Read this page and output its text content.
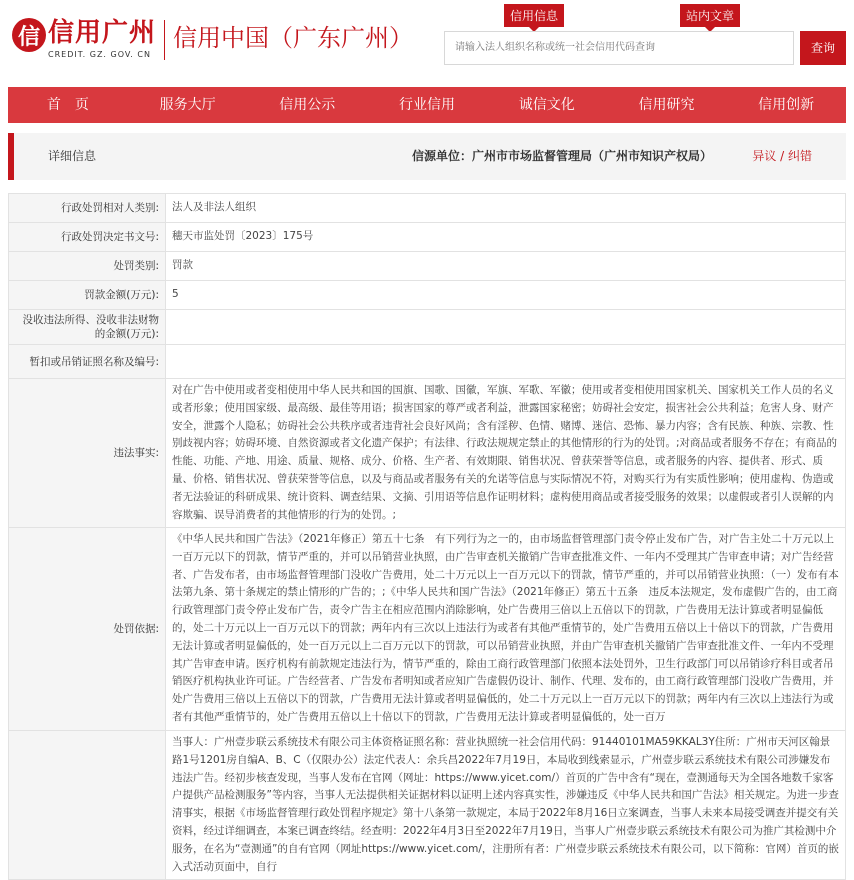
信 信用广州
CREDIT. GZ. GOV. CN
信用中国（广东广州）
信用信息	站内文章
请输入法人组织名称或统一社会信用代码查询	查询
首　页	服务大厅	信用公示	行业信用	诚信文化	信用研究	信用创新
详细信息	信源单位：广州市市场监督管理局（广州市知识产权局）	异议 / 纠错
行政处罚相对人类别:	法人及非法人组织
行政处罚决定书文号:	穗天市监处罚〔2023〕175号
处罚类别:	罚款
罚款金额(万元):	5
没收违法所得、没收非法财物的金额(万元):	
暂扣或吊销证照名称及编号:	
违法事实:	对在广告中使用或者变相使用中华人民共和国的国旗、国歌、国徽，军旗、军歌、军徽；使用或者变相使用国家机关、国家机关工作人员的名义或者形象；使用国家级、最高级、最佳等用语；损害国家的尊严或者利益，泄露国家秘密；妨碍社会安定，损害社会公共利益；危害人身、财产安全，泄露个人隐私；妨碍社会公共秩序或者违背社会良好风尚；含有淫秽、色情、赌博、迷信、恐怖、暴力内容；含有民族、种族、宗教、性别歧视内容；妨碍环境、自然资源或者文化遗产保护；有法律、行政法规规定禁止的其他情形的行为的处罚。;对商品或者服务不存在；有商品的性能、功能、产地、用途、质量、规格、成分、价格、生产者、有效期限、销售状况、曾获荣誉等信息，或者服务的内容、提供者、形式、质量、价格、销售状况、曾获荣誉等信息，以及与商品或者服务有关的允诺等信息与实际情况不符，对购买行为有实质性影响；使用虚构、伪造或者无法验证的科研成果、统计资料、调查结果、文摘、引用语等信息作证明材料；虚构使用商品或者接受服务的效果；以虚假或者引人误解的内容欺骗、误导消费者的其他情形的行为的处罚。;

处罚依据:	《中华人民共和国广告法》（2021年修正）第五十七条　有下列行为之一的，由市场监督管理部门责令停止发布广告，对广告主处二十万元以上一百万元以下的罚款，情节严重的，并可以吊销营业执照，由广告审查机关撤销广告审查批准文件、一年内不受理其广告审查申请；对广告经营者、广告发布者，由市场监督管理部门没收广告费用，处二十万元以上一百万元以下的罚款，情节严重的，并可以吊销营业执照：（一）发布有本法第九条、第十条规定的禁止情形的广告的；;《中华人民共和国广告法》（2021年修正）第五十五条　违反本法规定，发布虚假广告的，由工商行政管理部门责令停止发布广告，责令广告主在相应范围内消除影响，处广告费用三倍以上五倍以下的罚款，广告费用无法计算或者明显偏低的，处二十万元以上一百万元以下的罚款；两年内有三次以上违法行为或者有其他严重情节的，处广告费用五倍以上十倍以下的罚款，广告费用无法计算或者明显偏低的，处一百万元以上二百万元以下的罚款，可以吊销营业执照，并由广告审查机关撤销广告审查批准文件、一年内不受理其广告审查申请。医疗机构有前款规定违法行为，情节严重的，除由工商行政管理部门依照本法处罚外，卫生行政部门可以吊销诊疗科目或者吊销医疗机构执业许可证。广告经营者、广告发布者明知或者应知广告虚假仍设计、制作、代理、发布的，由工商行政管理部门没收广告费用，并处广告费用三倍以上五倍以下的罚款，广告费用无法计算或者明显偏低的，处二十万元以上一百万元以下的罚款；两年内有三次以上违法行为或者有其他严重情节的，处广告费用五倍以上十倍以下的罚款，广告费用无法计算或者明显偏低的，处一百万

	当事人：广州壹步联云系统技术有限公司主体资格证照名称：营业执照统一社会信用代码：91440101MA59KKAL3Y住所：广州市天河区翰景路1号1201房自编A、B、C（仅限办公）法定代表人：余兵昌2022年7月19日，本局收到线索显示，广州壹步联云系统技术有限公司涉嫌发布违法广告。经初步核查发现，当事人发布在官网（网址：https://www.yicet.com/）首页的广告中含有“现在，壹测通每天为全国各地数千家客户提供产品检测服务”等内容，当事人无法提供相关证据材料以证明上述内容真实性，涉嫌违反《中华人民共和国广告法》相关规定。为进一步查清事实，根据《市场监督管理行政处罚程序规定》第十八条第一款规定，本局于2022年8月16日立案调查，当事人未来本局接受调查并提交有关资料，经过详细调查，本案已调查终结。经查明：2022年4月3日至2022年7月19日，当事人广州壹步联云系统技术有限公司为推广其检测中介服务，在名为“壹测通”的自有官网（网址https://www.yicet.com/，注册所有者：广州壹步联云系统技术有限公司，以下简称：官网）首页的嵌入式活动页面中，自行
